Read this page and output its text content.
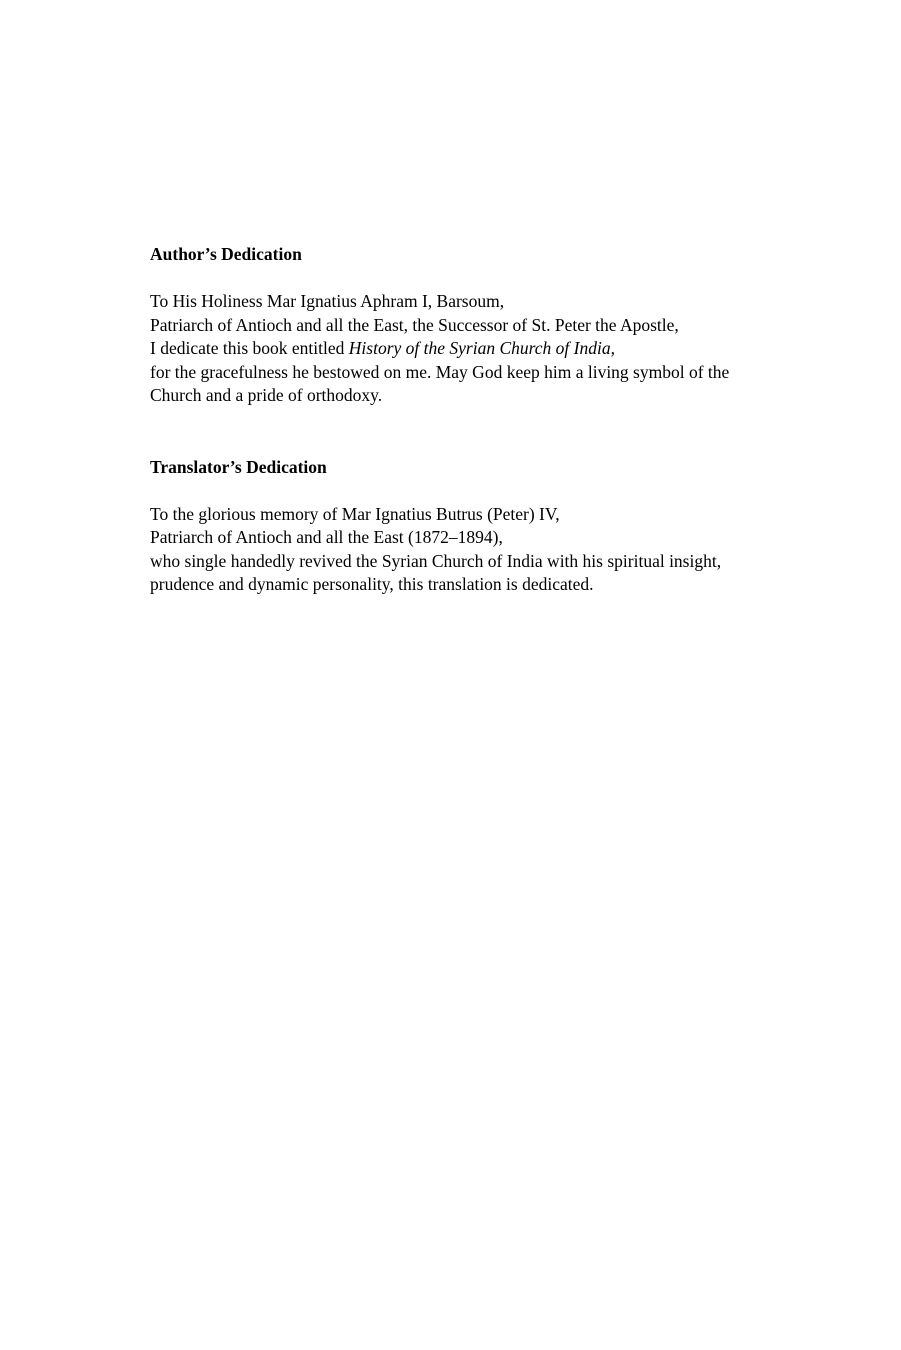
Author’s Dedication

To His Holiness Mar Ignatius Aphram I, Barsoum,
Patriarch of Antioch and all the East, the Successor of St. Peter the Apostle,
I dedicate this book entitled History of the Syrian Church of India,
for the gracefulness he bestowed on me. May God keep him a living symbol of the
Church and a pride of orthodoxy.

Translator’s Dedication

To the glorious memory of Mar Ignatius Butrus (Peter) IV,
Patriarch of Antioch and all the East (1872–1894),
who single handedly revived the Syrian Church of India with his spiritual insight,
prudence and dynamic personality, this translation is dedicated.
